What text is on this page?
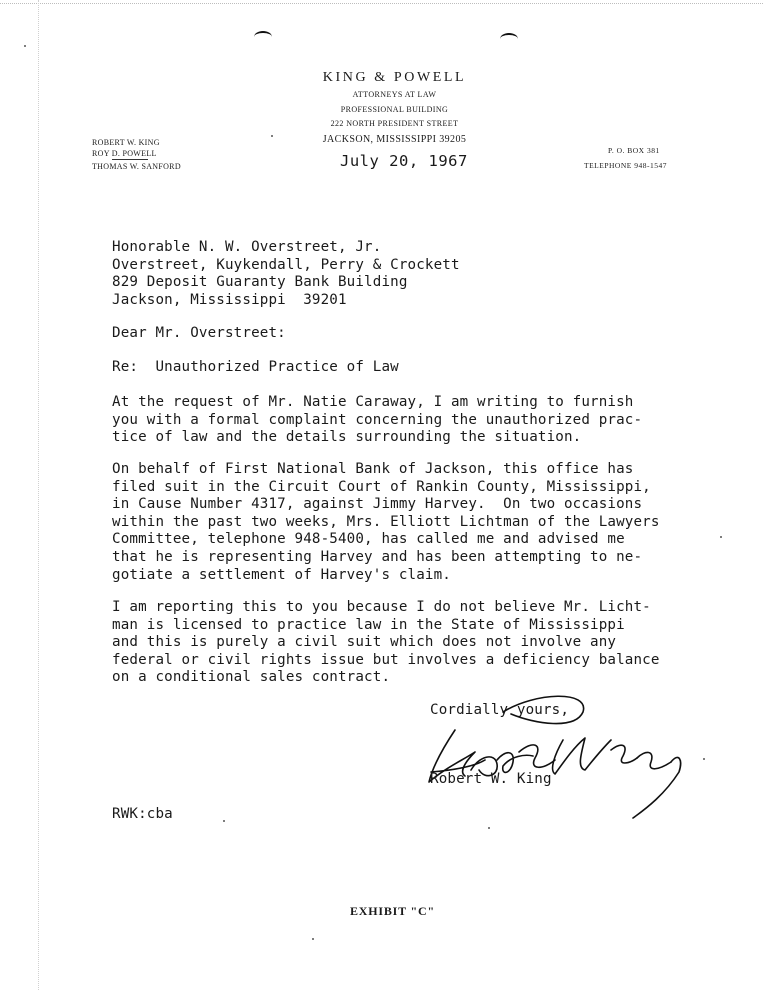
KING & POWELL
ATTORNEYS AT LAW
PROFESSIONAL BUILDING
222 NORTH PRESIDENT STREET
JACKSON, MISSISSIPPI 39205
ROBERT W. KING
ROY D. POWELL
THOMAS W. SANFORD
P. O. BOX 381
TELEPHONE 948-1547
July 20, 1967
Honorable N. W. Overstreet, Jr.
Overstreet, Kuykendall, Perry & Crockett
829 Deposit Guaranty Bank Building
Jackson, Mississippi  39201
Dear Mr. Overstreet:
Re:  Unauthorized Practice of Law
At the request of Mr. Natie Caraway, I am writing to furnish
you with a formal complaint concerning the unauthorized prac-
tice of law and the details surrounding the situation.
On behalf of First National Bank of Jackson, this office has
filed suit in the Circuit Court of Rankin County, Mississippi,
in Cause Number 4317, against Jimmy Harvey.  On two occasions
within the past two weeks, Mrs. Elliott Lichtman of the Lawyers
Committee, telephone 948-5400, has called me and advised me
that he is representing Harvey and has been attempting to ne-
gotiate a settlement of Harvey's claim.
I am reporting this to you because I do not believe Mr. Licht-
man is licensed to practice law in the State of Mississippi
and this is purely a civil suit which does not involve any
federal or civil rights issue but involves a deficiency balance
on a conditional sales contract.
Cordially yours,
Robert W. King
RWK:cba
EXHIBIT "C"
